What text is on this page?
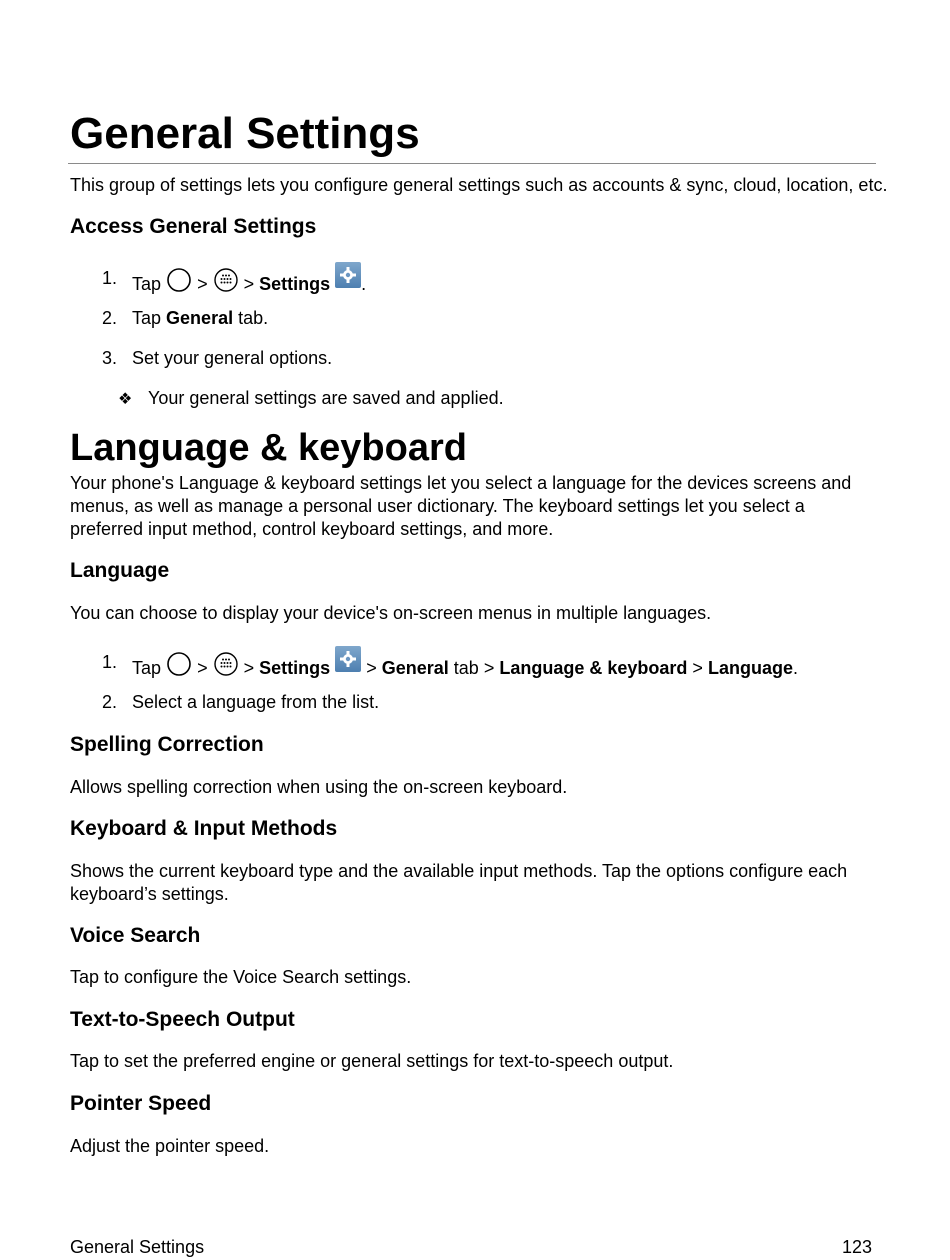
General Settings
This group of settings lets you configure general settings such as accounts & sync, cloud, location, etc.
Access General Settings
1. Tap > > Settings .
2. Tap General tab.
3. Set your general options.
❖ Your general settings are saved and applied.
Language & keyboard
Your phone's Language & keyboard settings let you select a language for the devices screens and menus, as well as manage a personal user dictionary. The keyboard settings let you select a preferred input method, control keyboard settings, and more.
Language
You can choose to display your device's on-screen menus in multiple languages.
1. Tap > > Settings > General tab > Language & keyboard > Language.
2. Select a language from the list.
Spelling Correction
Allows spelling correction when using the on-screen keyboard.
Keyboard & Input Methods
Shows the current keyboard type and the available input methods. Tap the options configure each
keyboard’s settings.
Voice Search
Tap to configure the Voice Search settings.
Text-to-Speech Output
Tap to set the preferred engine or general settings for text-to-speech output.
Pointer Speed
Adjust the pointer speed.
General Settings	123
